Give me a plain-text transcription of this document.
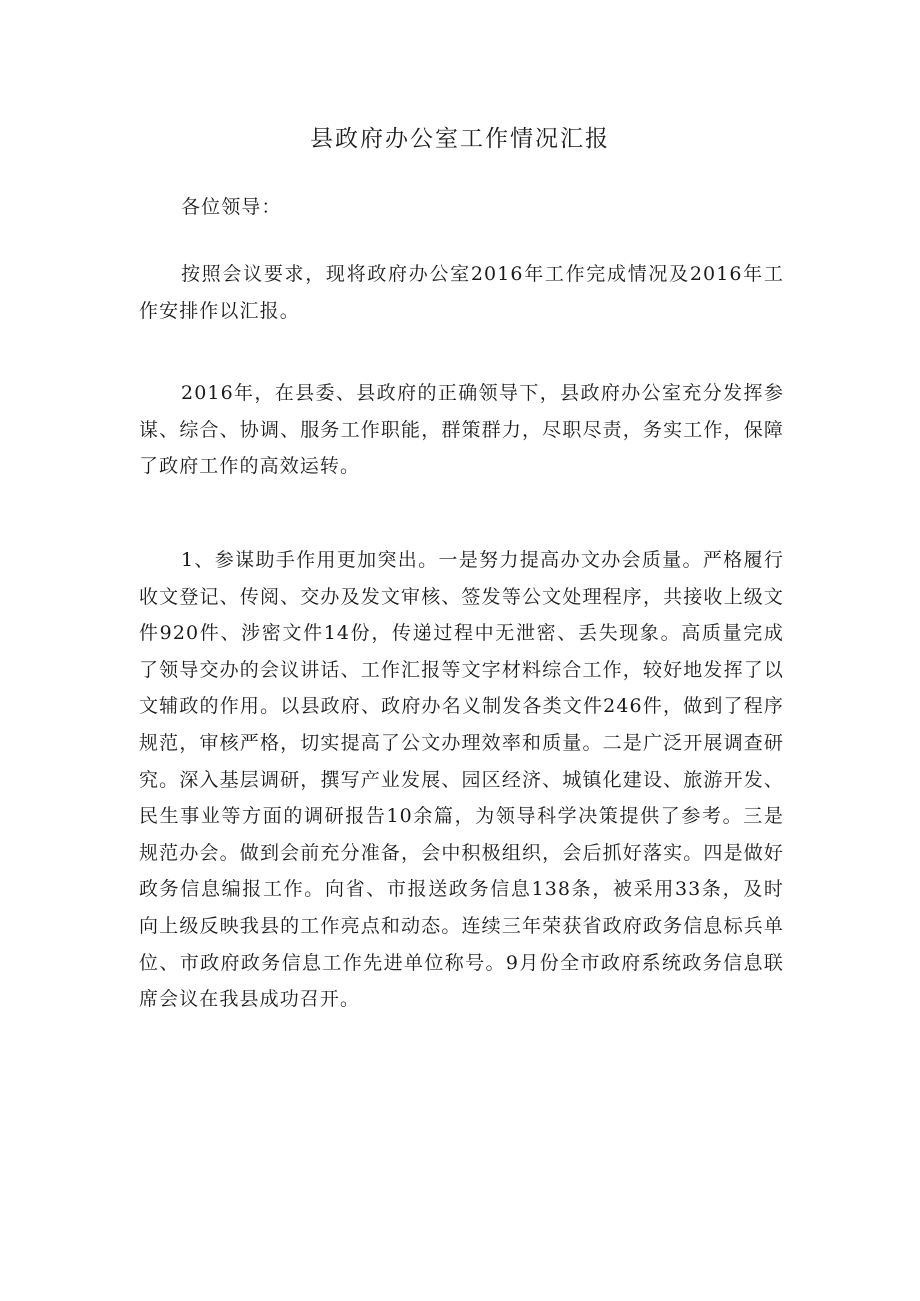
县政府办公室工作情况汇报

各位领导：

按照会议要求，现将政府办公室2016年工作完成情况及2016年工作安排作以汇报。

2016年，在县委、县政府的正确领导下，县政府办公室充分发挥参谋、综合、协调、服务工作职能，群策群力，尽职尽责，务实工作，保障了政府工作的高效运转。

1、参谋助手作用更加突出。一是努力提高办文办会质量。严格履行收文登记、传阅、交办及发文审核、签发等公文处理程序，共接收上级文件920件、涉密文件14份，传递过程中无泄密、丢失现象。高质量完成了领导交办的会议讲话、工作汇报等文字材料综合工作，较好地发挥了以文辅政的作用。以县政府、政府办名义制发各类文件246件，做到了程序规范，审核严格，切实提高了公文办理效率和质量。二是广泛开展调查研究。深入基层调研，撰写产业发展、园区经济、城镇化建设、旅游开发、民生事业等方面的调研报告10余篇，为领导科学决策提供了参考。三是规范办会。做到会前充分准备，会中积极组织，会后抓好落实。四是做好政务信息编报工作。向省、市报送政务信息138条，被采用33条，及时向上级反映我县的工作亮点和动态。连续三年荣获省政府政务信息标兵单位、市政府政务信息工作先进单位称号。9月份全市政府系统政务信息联席会议在我县成功召开。
